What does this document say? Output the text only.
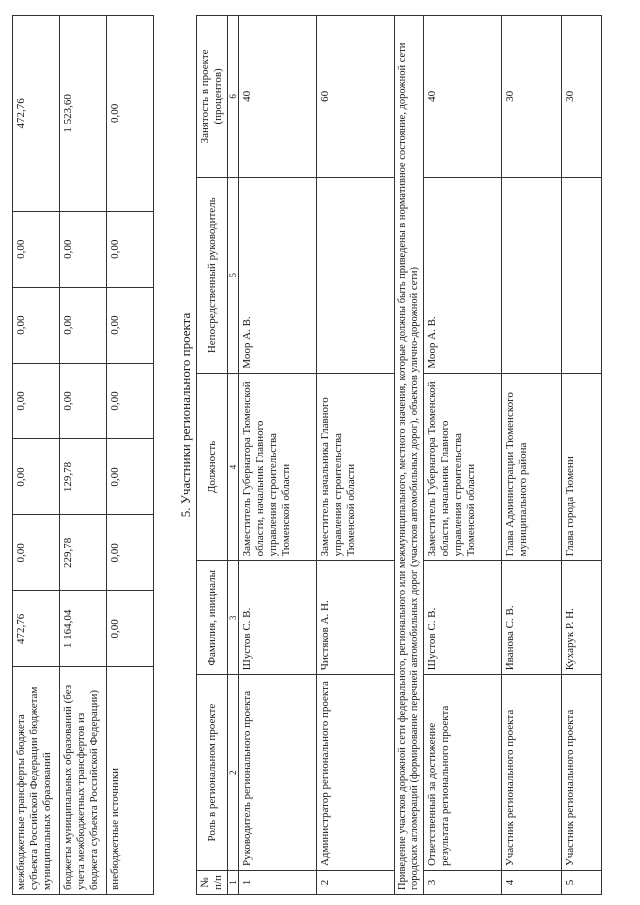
межбюджетные трансферты бюджета субъекта Российской Федерации бюджетам муниципальных образований	472,76	0,00	0,00	0,00	0,00	0,00	472,76
бюджеты муниципальных образований (без учета межбюджетных трансфертов из бюджета субъекта Российской Федерации)	1 164,04	229,78	129,78	0,00	0,00	0,00	1 523,60
внебюджетные источники	0,00	0,00	0,00	0,00	0,00	0,00	0,00
5. Участники регионального проекта
№ п/п	Роль в региональном проекте	Фамилия, инициалы	Должность	Непосредственный руководитель	Занятость в проекте (процентов)
1	2	3	4	5	6
1	Руководитель регионального проекта	Шустов С. В.	Заместитель Губернатора Тюменской области, начальник Главного управления строительства Тюменской области	Моор А. В.	40
2	Администратор регионального проекта	Чистяков А. Н.	Заместитель начальника Главного управления строительства Тюменской области		60
Приведение участков дорожной сети федерального, регионального или межмуниципального, местного значения, которые должны быть приведены в нормативное состояние, дорожной сети городских агломераций (формирование перечней автомобильных дорог (участков автомобильных дорог), объектов улично-дорожной сети)					
3	Ответственный за достижение результата регионального проекта	Шустов С. В.	Заместитель Губернатора Тюменской области, начальник Главного управления строительства Тюменской области	Моор А. В.	40
4	Участник регионального проекта	Иванова С. В.	Глава Администрации Тюменского муниципального района		30
5	Участник регионального проекта	Кухарук Р. Н.	Глава города Тюмени		30
